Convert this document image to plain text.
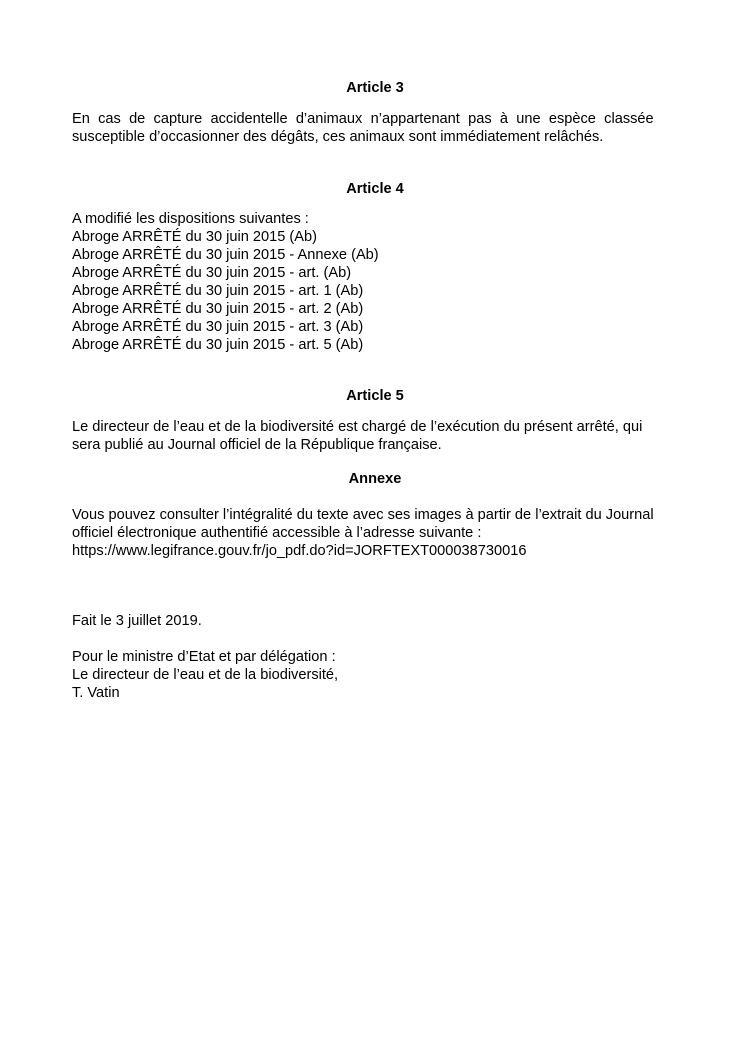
Article 3
En cas de capture accidentelle d’animaux n’appartenant pas à une espèce classée
susceptible d’occasionner des dégâts, ces animaux sont immédiatement relâchés.
Article 4
A modifié les dispositions suivantes :
Abroge ARRÊTÉ du 30 juin 2015 (Ab)
Abroge ARRÊTÉ du 30 juin 2015 - Annexe (Ab)
Abroge ARRÊTÉ du 30 juin 2015 - art. (Ab)
Abroge ARRÊTÉ du 30 juin 2015 - art. 1 (Ab)
Abroge ARRÊTÉ du 30 juin 2015 - art. 2 (Ab)
Abroge ARRÊTÉ du 30 juin 2015 - art. 3 (Ab)
Abroge ARRÊTÉ du 30 juin 2015 - art. 5 (Ab)
Article 5
Le directeur de l’eau et de la biodiversité est chargé de l’exécution du présent arrêté, qui
sera publié au Journal officiel de la République française.
Annexe
Vous pouvez consulter l’intégralité du texte avec ses images à partir de l’extrait du Journal
officiel électronique authentifié accessible à l’adresse suivante :
https://www.legifrance.gouv.fr/jo_pdf.do?id=JORFTEXT000038730016
Fait le 3 juillet 2019.
Pour le ministre d’Etat et par délégation :
Le directeur de l’eau et de la biodiversité,
T. Vatin
